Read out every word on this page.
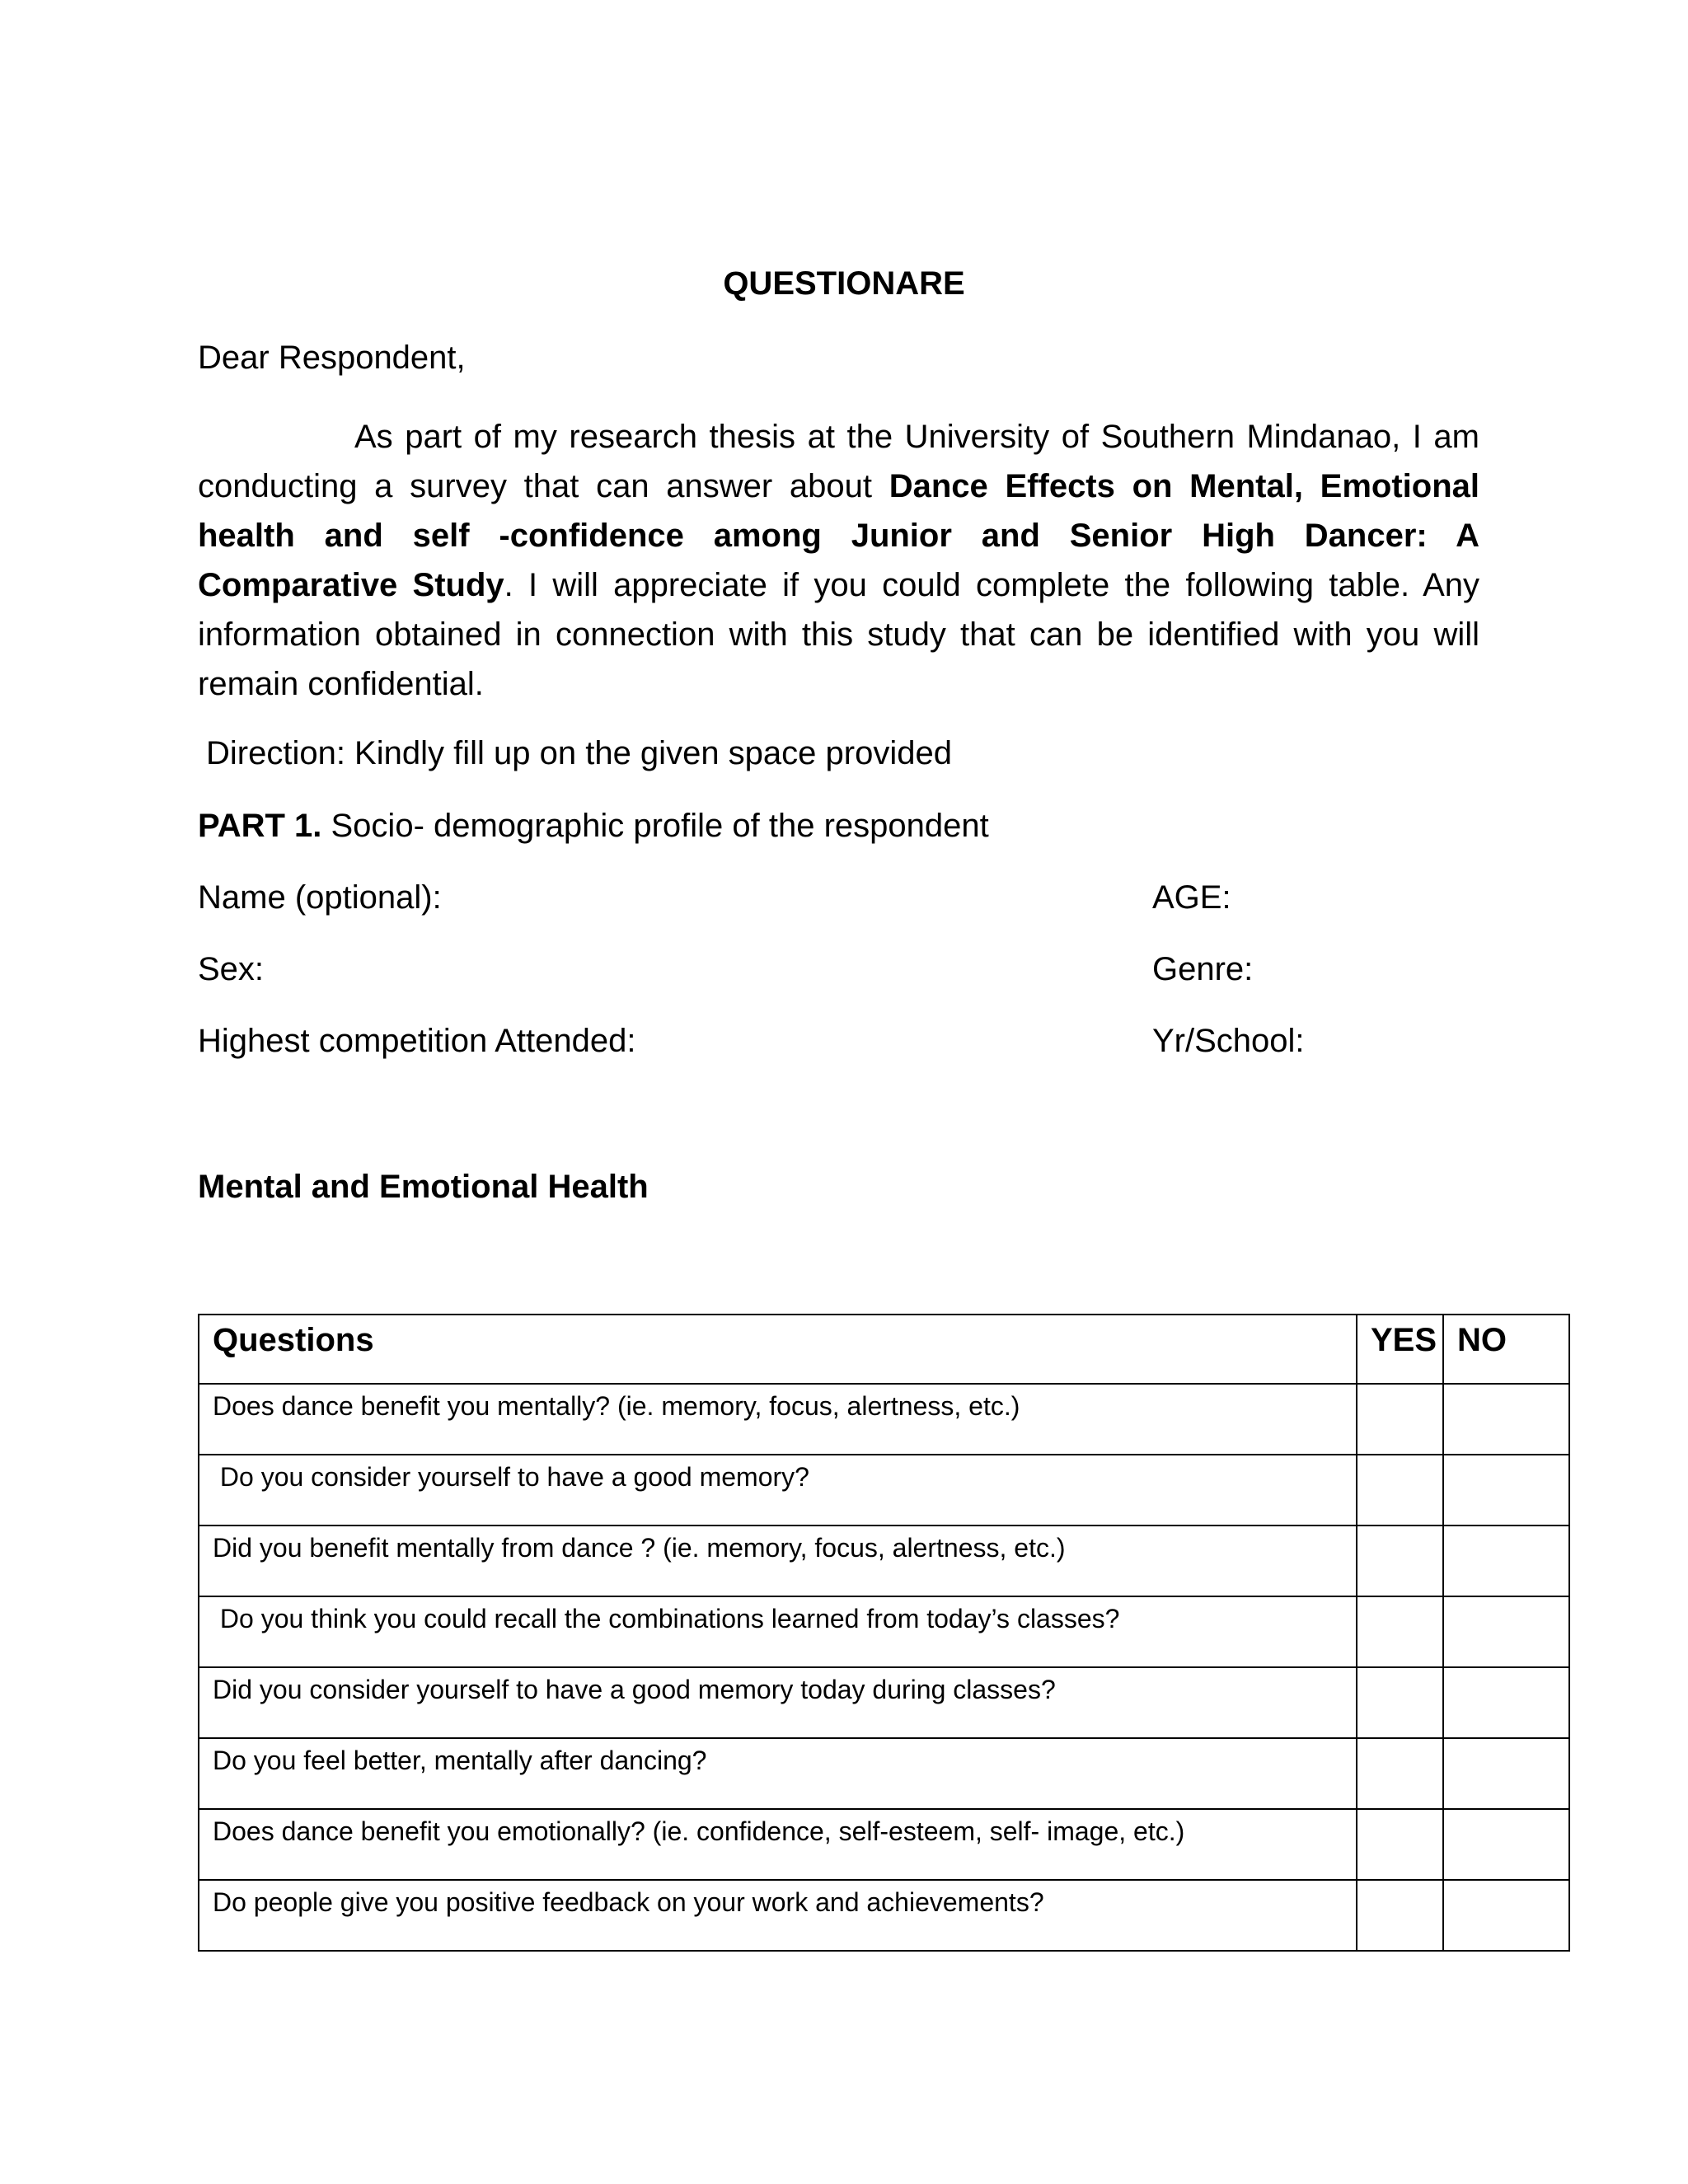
QUESTIONARE
Dear Respondent,
As part of my research thesis at the University of Southern Mindanao, I am conducting a survey that can answer about Dance Effects on Mental, Emotional health and self -confidence among Junior and Senior High Dancer: A Comparative Study. I will appreciate if you could complete the following table. Any information obtained in connection with this study that can be identified with you will remain confidential.
Direction: Kindly fill up on the given space provided
PART 1. Socio- demographic profile of the respondent
Name (optional):	AGE:
Sex:	Genre:
Highest competition Attended:	Yr/School:
Mental and Emotional Health
Questions	YES	NO
Does dance benefit you mentally? (ie. memory, focus, alertness, etc.)		
Do you consider yourself to have a good memory?		
Did you benefit mentally from dance ? (ie. memory, focus, alertness, etc.)		
Do you think you could recall the combinations learned from today’s classes?		
Did you consider yourself to have a good memory today during classes?		
Do you feel better, mentally after dancing?		
Does dance benefit you emotionally? (ie. confidence, self-esteem, self- image, etc.)		
Do people give you positive feedback on your work and achievements?		
